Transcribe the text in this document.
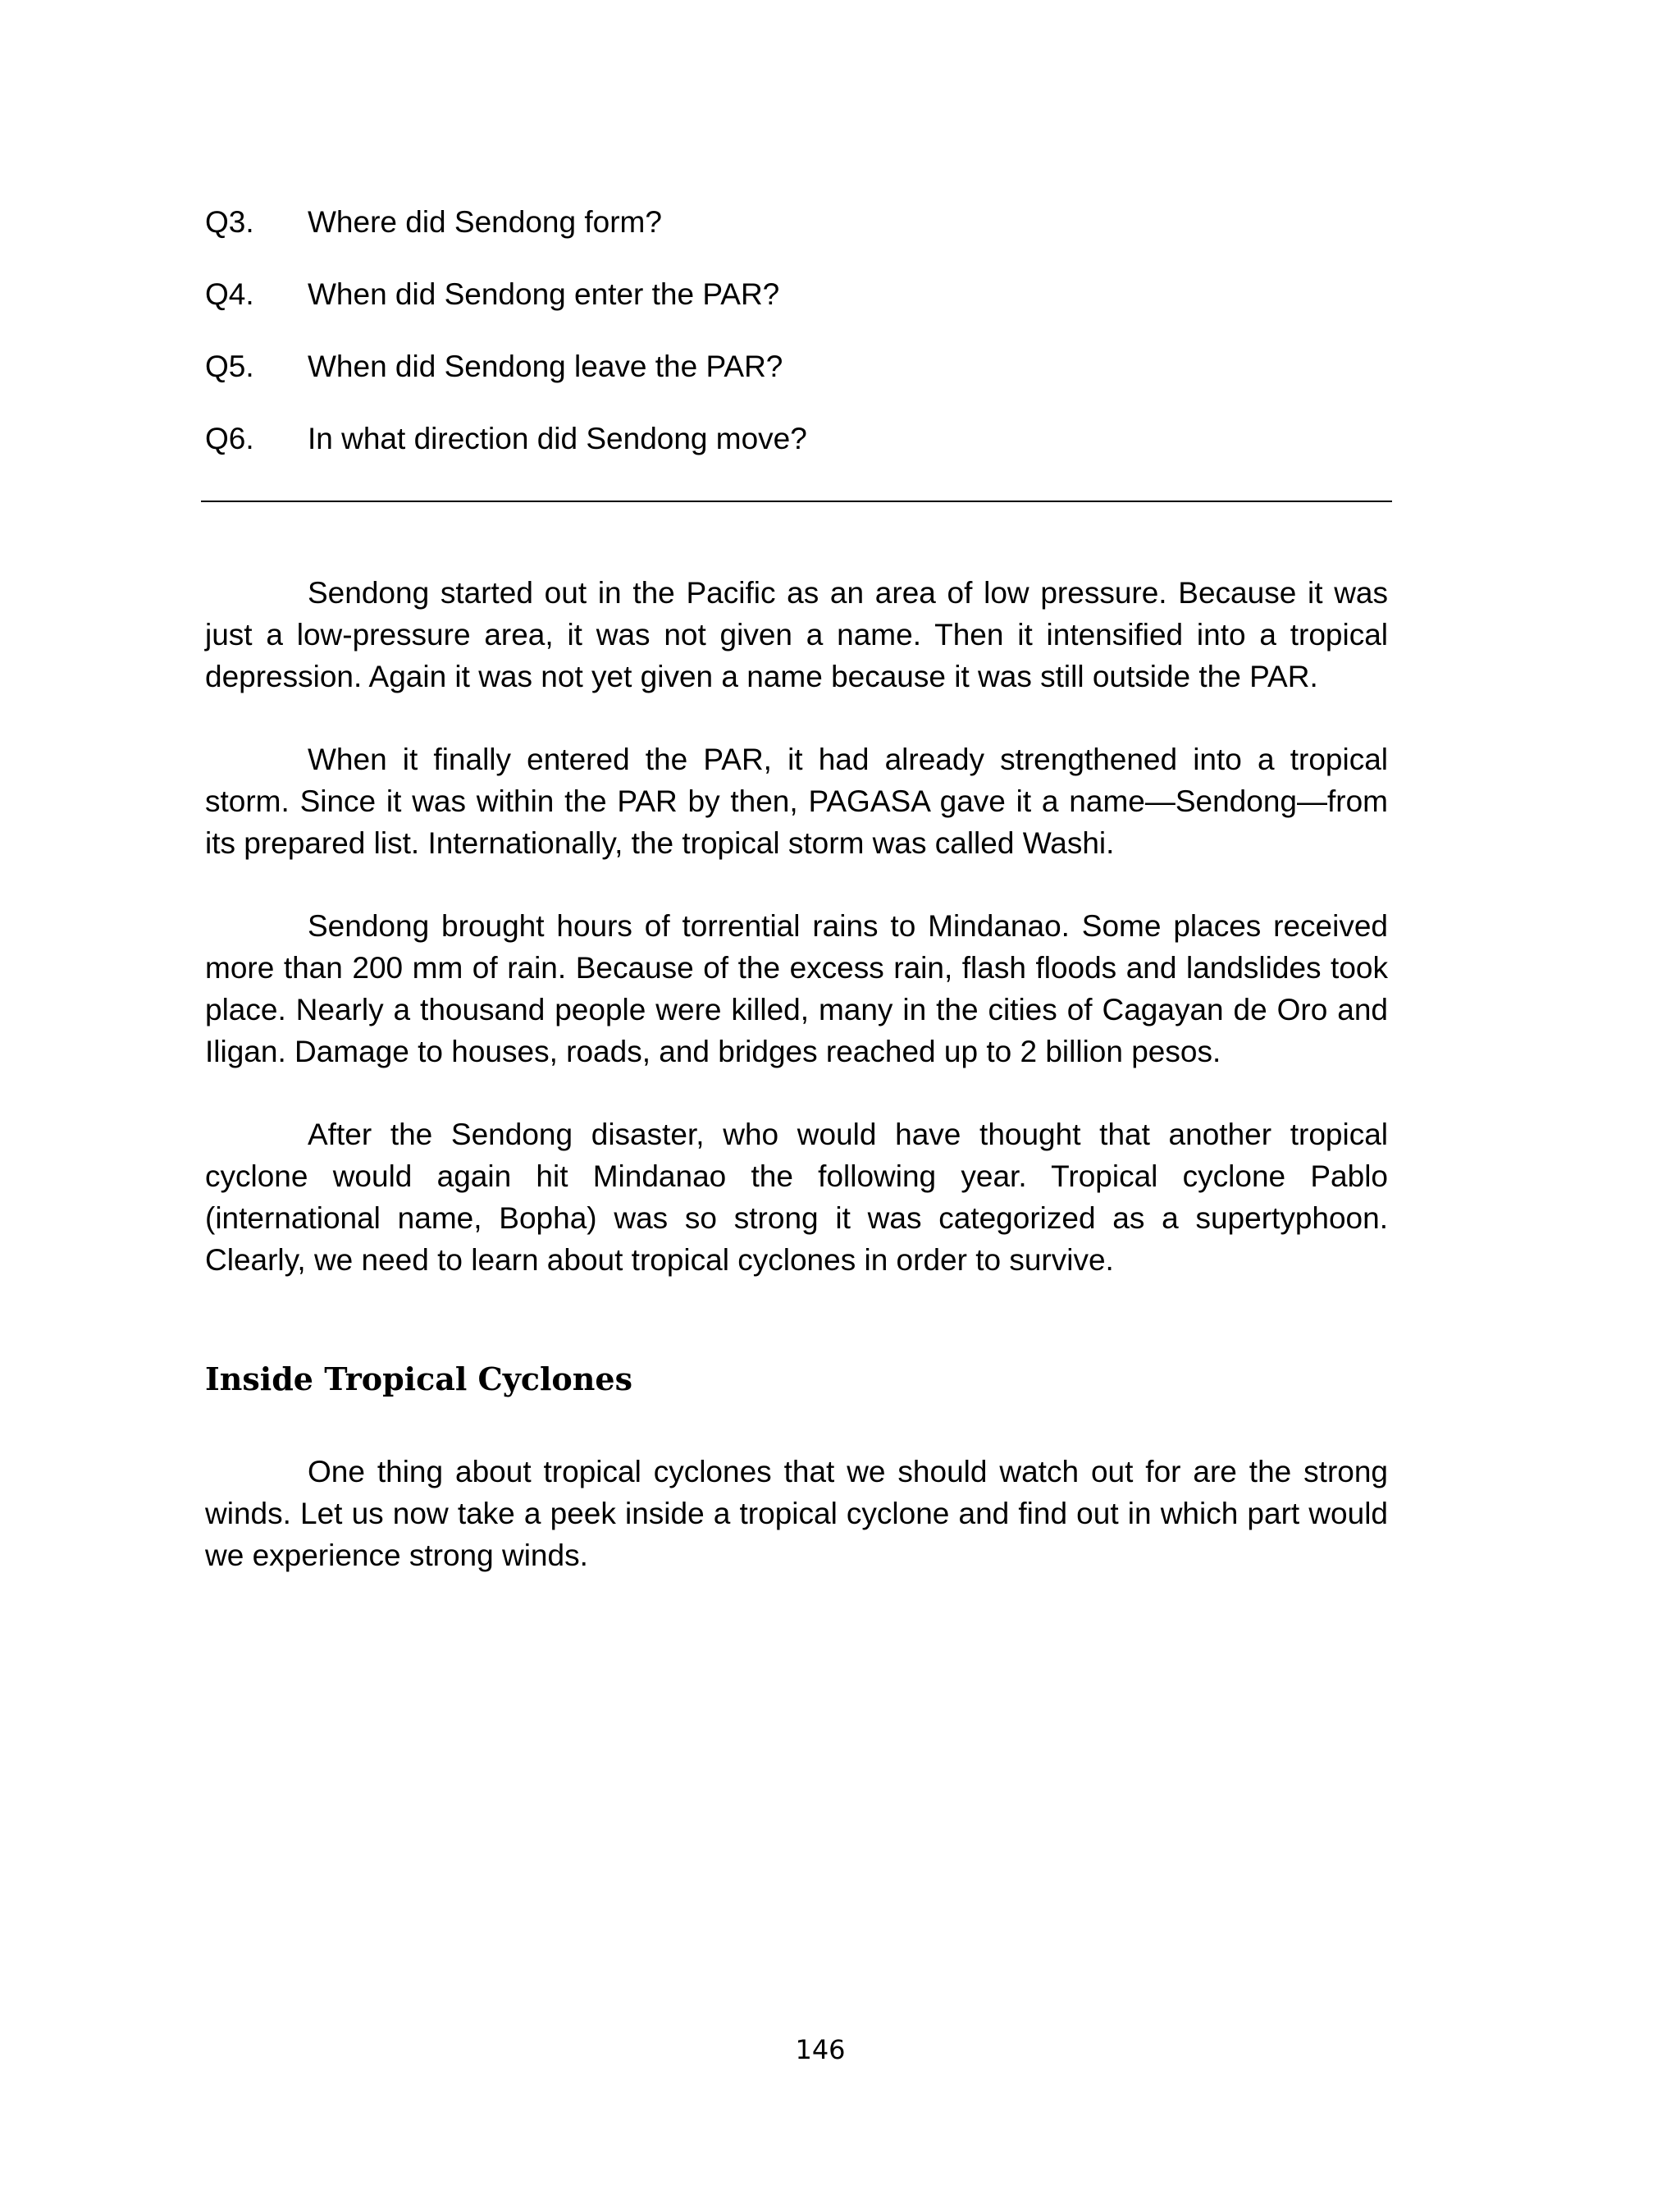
Q3. Where did Sendong form?
Q4. When did Sendong enter the PAR?
Q5. When did Sendong leave the PAR?
Q6. In what direction did Sendong move?

Sendong started out in the Pacific as an area of low pressure. Because it was just a low-pressure area, it was not given a name. Then it intensified into a tropical depression. Again it was not yet given a name because it was still outside the PAR.

When it finally entered the PAR, it had already strengthened into a tropical storm. Since it was within the PAR by then, PAGASA gave it a name—Sendong—from its prepared list. Internationally, the tropical storm was called Washi.

Sendong brought hours of torrential rains to Mindanao. Some places received more than 200 mm of rain. Because of the excess rain, flash floods and landslides took place. Nearly a thousand people were killed, many in the cities of Cagayan de Oro and Iligan. Damage to houses, roads, and bridges reached up to 2 billion pesos.

After the Sendong disaster, who would have thought that another tropical cyclone would again hit Mindanao the following year. Tropical cyclone Pablo (international name, Bopha) was so strong it was categorized as a supertyphoon. Clearly, we need to learn about tropical cyclones in order to survive.

Inside Tropical Cyclones

One thing about tropical cyclones that we should watch out for are the strong winds. Let us now take a peek inside a tropical cyclone and find out in which part would we experience strong winds.

146
